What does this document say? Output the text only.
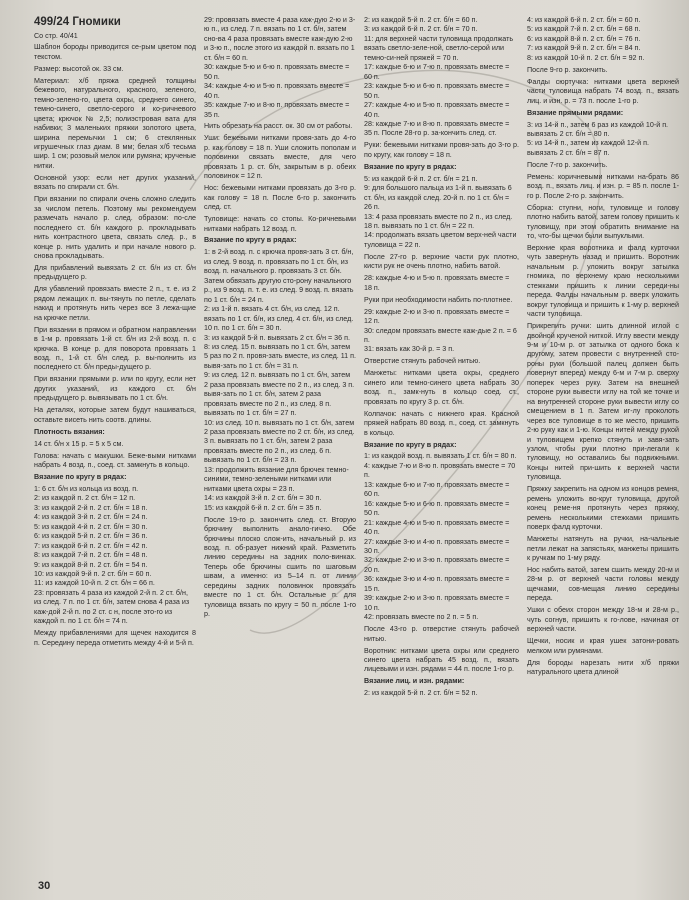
499/24 Гномики

Со стр. 40/41

Шаблон бороды приводится се-рым цветом под текстом.

Размер: высотой ок. 33 см.

Материал: х/б пряжа средней толщины бежевого, натурального, красного, зеленого, темно-зелено-го, цвета охры, среднего синего, темно-синего, светло-серого и ко-ричневого цвета; крючок № 2,5; полиэстровая вата для набивки; 3 маленьких пряжки золотого цвета, ширина перемычки 1 см; 6 стеклянных игрушечных глаз диам. 8 мм; белая х/б тесьма шир. 1 см; розовый мелок или румяна; крученые нитки.

Основной узор: если нет других указаний, вязать по спирали ст. б/н.

При вязании по спирали очень сложно следить за числом петель. Поэтому мы рекомендуем размечать начало р. след. образом: по-сле последнего ст. б/н каждого р. прокладывать нить контрастного цвета, связать след. р., в конце р. нить удалить и при начале нового р. снова прокладывать.

Для прибавлений вывязать 2 ст. б/н из ст. б/н предыдущего р.

Для убавлений провязать вместе 2 п., т. е. из 2 рядом лежащих п. вы-тянуть по петле, сделать накид и протянуть нить через все 3 лежа-щие на крючке петли.

При вязании в прямом и обратном направлении в 1-м р. провязать 1-й ст. б/н из 2-й возд. п. с крючка. В конце р. для поворота провязать 1 возд. п., 1-й ст. б/н след. р. вы-полнить из последнего ст. б/н преды-дущего р.

При вязании прямыми р. или по кругу, если нет других указаний, из каждого ст. б/н предыдущего р. вывязывать по 1 ст. б/н.

На деталях, которые затем будут нашиваться, оставьте висеть нить соотв. длины.

Плотность вязания:

14 ст. б/н х 15 р. = 5 х 5 см.

Голова: начать с макушки. Беже-выми нитками набрать 4 возд. п., соед. ст. замкнуть в кольцо.

Вязание по кругу в рядах:

1: 6 ст. б/н из кольца из возд. п.
2: из каждой п. 2 ст. б/н = 12 п.
3: из каждой 2-й п. 2 ст. б/н = 18 п.
4: из каждой 3-й п. 2 ст. б/н = 24 п.
5: из каждой 4-й п. 2 ст. б/н = 30 п.
6: из каждой 5-й п. 2 ст. б/н = 36 п.
7: из каждой 6-й п. 2 ст. б/н = 42 п.
8: из каждой 7-й п. 2 ст. б/н = 48 п.
9: из каждой 8-й п. 2 ст. б/н = 54 п.
10: из каждой 9-й п. 2 ст. б/н = 60 п.
11: из каждой 10-й п. 2 ст. б/н = 66 п.
23: провязать 4 раза из каждой 2-й п. 2 ст. б/н, из след. 7 п. по 1 ст. б/н, затем снова 4 раза из каж-дой 2-й п. по 2 ст. с н, после это-го из каждой п. по 1 ст. б/н = 74 п.

Между прибавлениями для щечек находится 8 п. Середину переда отметить между 4-й и 5-й п.

29: провязать вместе 4 раза каж-дую 2-ю и 3-ю п., из след. 7 п. вязать по 1 ст. б/н, затем сно-ва 4 раза провязать вместе каж-дую 2-ю и 3-ю п., после этого из каждой п. вязать по 1 ст. б/н = 60 п.
30: каждые 5-ю и 6-ю п. провязать вместе = 50 п.
34: каждые 4-ю и 5-ю п. провязать вместе = 40 п.
35: каждые 7-ю и 8-ю п. провязать вместе = 35 п.

Нить обрезать на расст. ок. 30 см от работы.

Уши: бежевыми нитками провя-зать до 4-го р. как голову = 18 п. Уши сложить пополам и половинки связать вместе, для чего провязать 1 р. ст. б/н, закрытым в р. обеих половинок = 12 п.

Нос: бежевыми нитками провязать до 3-го р. как голову = 18 п. После 6-го р. закончить след. ст.

Туловище: начать со стопы. Ко-ричневыми нитками набрать 12 возд. п.

Вязание по кругу в рядах:

1: в 2-й возд. п. с крючка провя-зать 3 ст. б/н, из след. 9 возд. п. провязать по 1 ст. б/н, из возд. п. начального р. провязать 3 ст. б/н. Затем обвязать другую сто-рону начального р., из 9 возд. п. т. е. из след. 9 возд. п. вязать по 1 ст. б/н = 24 п.
2: из 1-й п. вязать 4 ст. б/н, из след. 12 п. вязать по 1 ст. б/н, из след. 4 ст. б/н, из след. 10 п. по 1 ст. б/н = 30 п.
3: из каждой 5-й п. вывязать 2 ст. б/н = 36 п.
8: из след. 15 п. вывязать по 1 ст. б/н, затем 5 раз по 2 п. провя-зать вместе, из след. 11 п. вывя-зать по 1 ст. б/н = 31 п.
9: из след. 12 п. вывязать по 1 ст. б/н, затем 2 раза провязать вместе по 2 п., из след. 3 п. вывя-зать по 1 ст. б/н, затем 2 раза провязать вместе по 2 п., из след. 8 п. вывязать по 1 ст. б/н = 27 п.
10: из след. 10 п. вывязать по 1 ст. б/н, затем 2 раза провязать вместе по 2 ст. б/н, из след. 3 п. вывязать по 1 ст. б/н, затем 2 раза провязать вместе по 2 п., из след. 6 п. вывязать по 1 ст. б/н = 23 п.
13: продолжить вязание для брючек темно-синими, темно-зелеными нитками или нитками цвета охры = 23 п.
14: из каждой 3-й п. 2 ст. б/н = 30 п.
15: из каждой 6-й п. 2 ст. б/н = 35 п.

После 19-го р. закончить след. ст. Вторую брючину выполнить анало-гично. Обе брючины плоско слож-ить, начальный р. из возд. п. об-разует нижний край. Разметить линию середины на задних поло-винках. Теперь обе брючины сшить по шаговым швам, а именно: из 5–14 п. от линии середины задних половинок провязать вместе по 1 ст. б/н. Остальные п. для туловища вязать по кругу = 50 п. после 1-го р.

2: из каждой 5-й п. 2 ст. б/н = 60 п.
3: из каждой 6-й п. 2 ст. б/н = 70 п.
11: для верхней части туловища продолжать вязать светло-зеле-ной, светло-серой или темно-си-ней пряжей = 70 п.
17: каждые 6-ю и 7-ю п. провязать вместе = 60 п.
23: каждые 5-ю и 6-ю п. провязать вместе = 50 п.
27: каждые 4-ю и 5-ю п. провязать вместе = 40 п.
28: каждые 7-ю и 8-ю п. провязать вместе = 35 п. После 28-го р. за-кончить след. ст.

Руки: бежевыми нитками провя-зать до 3-го р. по кругу, как голову = 18 п.

Вязание по кругу в рядах:

5: из каждой 6-й п. 2 ст. б/н = 21 п.
9: для большого пальца из 1-й п. вывязать 6 ст. б/н, из каждой след. 20-й п. по 1 ст. б/н = 26 п.
13: 4 раза провязать вместе по 2 п., из след. 18 п. вывязать по 1 ст. б/н = 22 п.
14: продолжать вязать цветом верх-ней части туловища = 22 п.

После 27-го р. верхние части рук плотно, кисти рук не очень плотно, набить ватой.

28: каждые 4-ю и 5-ю п. провязать вместе = 18 п.

Руки при необходимости набить по-плотнее.

29: каждые 2-ю и 3-ю п. провязать вместе = 12 п.
30: следом провязать вместе каж-дые 2 п. = 6 п.
31: вязать как 30-й р. = 3 п.

Отверстие стянуть рабочей нитью.

Манжеты: нитками цвета охры, среднего синего или темно-синего цвета набрать 30 возд. п., замк-нуть в кольцо соед. ст., провязать по кругу 3 р. ст. б/н.

Колпачок: начать с нижнего края. Красной пряжей набрать 80 возд. п., соед. ст. замкнуть в кольцо.

Вязание по кругу в рядах:

1: из каждой возд. п. вывязать 1 ст. б/н = 80 п.
4: каждые 7-ю и 8-ю п. провязать вместе = 70 п.
13: каждые 6-ю и 7-ю п. провязать вместе = 60 п.
16: каждые 5-ю и 6-ю п. провязать вместе = 50 п.
21: каждые 4-ю и 5-ю п. провязать вместе = 40 п.
27: каждые 3-ю и 4-ю п. провязать вместе = 30 п.
32: каждые 2-ю и 3-ю п. провязать вместе = 20 п.
36: каждые 3-ю и 4-ю п. провязать вместе = 15 п.
39: каждые 2-ю и 3-ю п. провязать вместе = 10 п.
42: провязать вместе по 2 п. = 5 п.

После 43-го р. отверстие стянуть рабочей нитью.

Воротник: нитками цвета охры или среднего синего цвета набрать 45 возд. п., вязать лицевыми и изн. рядами = 44 п. после 1-го р.

Вязание лиц. и изн. рядами:

2: из каждой 5-й п. 2 ст. б/н = 52 п.
4: из каждой 6-й п. 2 ст. б/н = 60 п.
5: из каждой 7-й п. 2 ст. б/н = 68 п.
6: из каждой 8-й п. 2 ст. б/н = 76 п.
7: из каждой 9-й п. 2 ст. б/н = 84 п.
8: из каждой 10-й п. 2 ст. б/н = 92 п.

После 9-го р. закончить.

Фалды сюртучка: нитками цвета верхней части туловища набрать 74 возд. п., вязать лиц. и изн. р. = 73 п. после 1-го р.

Вязание прямыми рядами:

3: из 14-й п., затем 6 раз из каждой 10-й п. вывязать 2 ст. б/н = 80 п.
5: из 14-й п., затем из каждой 12-й п. вывязать 2 ст. б/н = 87 п.

После 7-го р. закончить.

Ремень: коричневыми нитками на-брать 86 возд. п., вязать лиц. и изн. р. = 85 п. после 1-го р. После 2-го р. закончить.

Сборка: ступни, ноги, туловище и голову плотно набить ватой, затем голову пришить к туловищу, при этом обратить внимание на то, что-бы щечки были выпуклыми.

Верхние края воротника и фалд курточки чуть завернуть назад и пришить. Воротник начальным р. уложить вокруг затылка гномика, по верхнему краю несколькими стежками пришить к линии середи-ны переда. Фалды начальным р. вверх уложить вокруг туловища и пришить к 1-му р. верхней части туловища.

Прикрепить ручки: шить длинной иглой с двойной крученой ниткой. Иглу ввести между 9-м и 10-м р. от затылка от одного бока к другому, затем провести с внутренней сто-роны руки (большой палец должен быть повернут вперед) между 6-м и 7-м р. сверху поперек через руку. Затем на внешней стороне руки вывести иглу на той же точке и на внутренней стороне руки вывести иглу со смещением в 1 п. Затем иг-лу проколоть через все туловище в то же место, пришить 2-ю руку как и 1-ю. Концы нитей между рукой и туловищем крепко стянуть и завя-зать узлом, чтобы руки плотно при-легали к туловищу, но оставались бы подвижными. Концы нитей при-шить к верхней части туловища.

Пряжку закрепить на одном из концов ремня, ремень уложить во-круг туловища, другой конец реме-ня протянуть через пряжку, ремень несколькими стежками пришить поверх фалд курточки.

Манжеты натянуть на ручки, на-чальные петли лежат на запястьях, манжеты пришить к ручкам по 1-му ряду.

Нос набить ватой, затем сшить между 20-м и 28-м р. от верхней части головы между щечками, сов-мещая линию середины переда.

Ушки с обеих сторон между 18-м и 28-м р., чуть согнув, пришить к го-лове, начиная от верхней части.

Щечки, носик и края ушек затони-ровать мелком или румянами.

Для бороды нарезать нити х/б пряжи натурального цвета длиной

30
